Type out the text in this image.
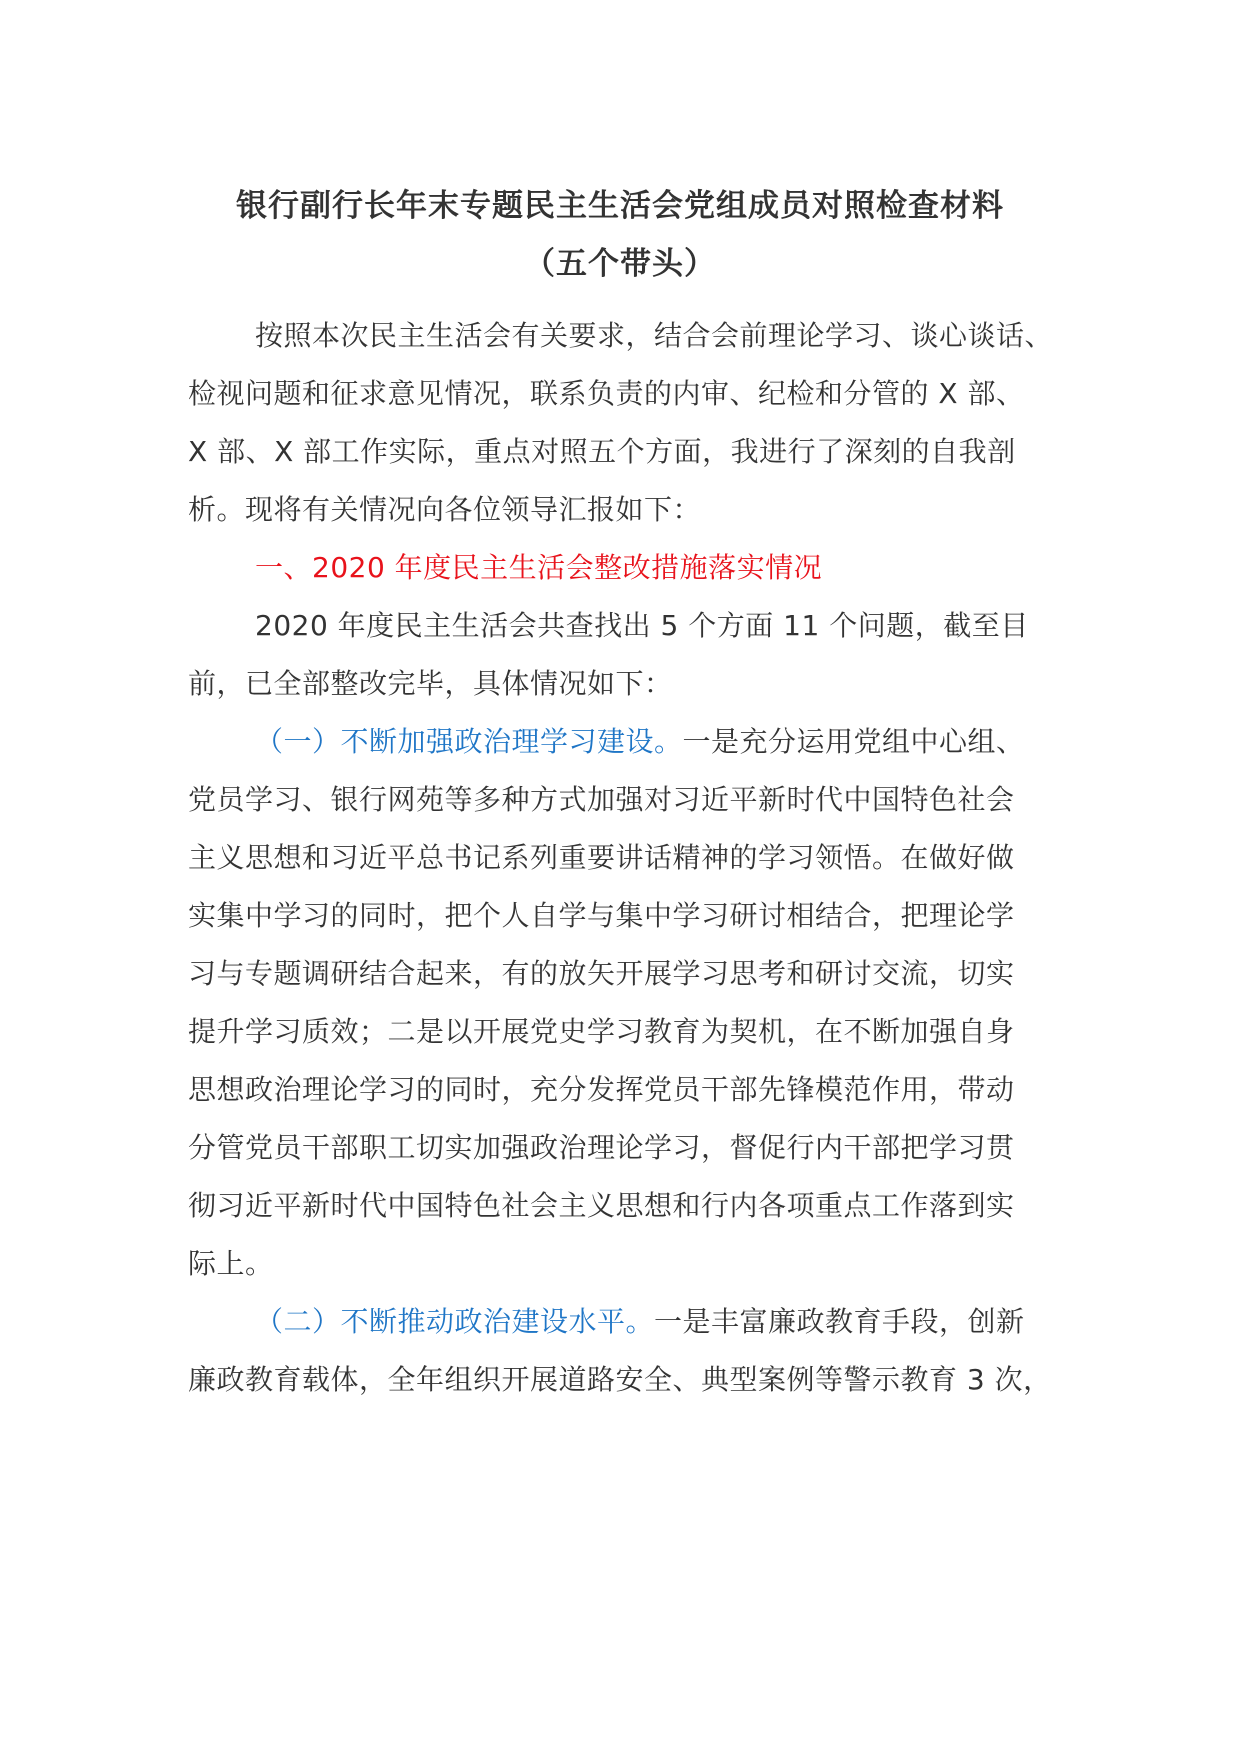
银行副行长年末专题民主生活会党组成员对照检查材料
（五个带头）
按照本次民主生活会有关要求，结合会前理论学习、谈心谈话、
检视问题和征求意见情况，联系负责的内审、纪检和分管的 X 部、
X 部、X 部工作实际，重点对照五个方面，我进行了深刻的自我剖
析。现将有关情况向各位领导汇报如下：
一、2020 年度民主生活会整改措施落实情况
2020 年度民主生活会共查找出 5 个方面 11 个问题，截至目
前，已全部整改完毕，具体情况如下：
（一）不断加强政治理学习建设。一是充分运用党组中心组、
党员学习、银行网苑等多种方式加强对习近平新时代中国特色社会
主义思想和习近平总书记系列重要讲话精神的学习领悟。在做好做
实集中学习的同时，把个人自学与集中学习研讨相结合，把理论学
习与专题调研结合起来，有的放矢开展学习思考和研讨交流，切实
提升学习质效；二是以开展党史学习教育为契机，在不断加强自身
思想政治理论学习的同时，充分发挥党员干部先锋模范作用，带动
分管党员干部职工切实加强政治理论学习，督促行内干部把学习贯
彻习近平新时代中国特色社会主义思想和行内各项重点工作落到实
际上。
（二）不断推动政治建设水平。一是丰富廉政教育手段，创新
廉政教育载体，全年组织开展道路安全、典型案例等警示教育 3 次，
